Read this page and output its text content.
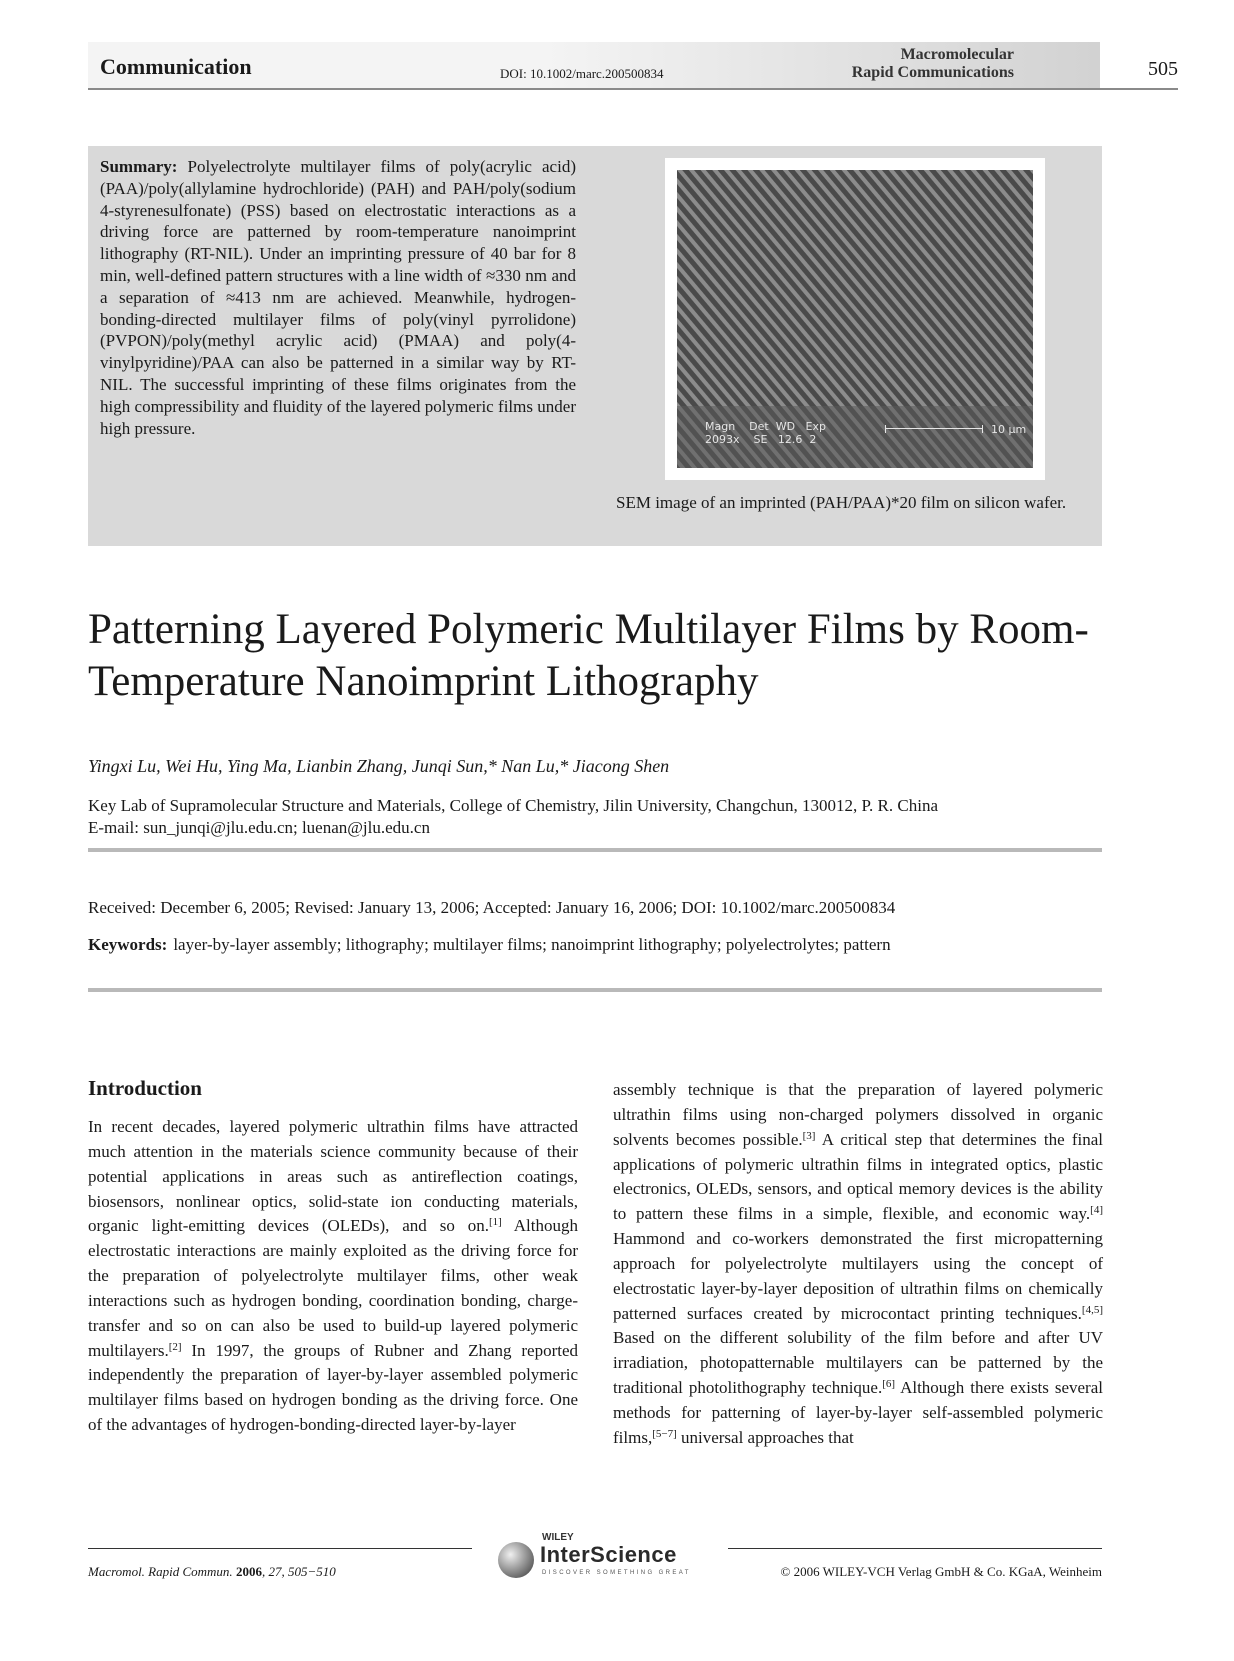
Communication	DOI: 10.1002/marc.200500834
Macromolecular
Rapid Communications	505

Summary: Polyelectrolyte multilayer films of poly(acrylic acid) (PAA)/poly(allylamine hydrochloride) (PAH) and PAH/poly(sodium 4-styrenesulfonate) (PSS) based on electrostatic interactions as a driving force are patterned by room-temperature nanoimprint lithography (RT-NIL). Under an imprinting pressure of 40 bar for 8 min, well-defined pattern structures with a line width of ≈330 nm and a separation of ≈413 nm are achieved. Meanwhile, hydrogen-bonding-directed multilayer films of poly(vinyl pyrrolidone) (PVPON)/poly(methyl acrylic acid) (PMAA) and poly(4-vinylpyridine)/PAA can also be patterned in a similar way by RT-NIL. The successful imprinting of these films originates from the high compressibility and fluidity of the layered polymeric films under high pressure.	Magn    Det  WD   Exp
2093x    SE   12.6  2
10 μm

SEM image of an imprinted (PAH/PAA)*20 film on silicon wafer.

Patterning Layered Polymeric Multilayer Films by Room-Temperature Nanoimprint Lithography

Yingxi Lu, Wei Hu, Ying Ma, Lianbin Zhang, Junqi Sun,* Nan Lu,* Jiacong Shen

Key Lab of Supramolecular Structure and Materials, College of Chemistry, Jilin University, Changchun, 130012, P. R. China
E-mail: sun_junqi@jlu.edu.cn; luenan@jlu.edu.cn

Received: December 6, 2005; Revised: January 13, 2006; Accepted: January 16, 2006; DOI: 10.1002/marc.200500834

Keywords: layer-by-layer assembly; lithography; multilayer films; nanoimprint lithography; polyelectrolytes; pattern

Introduction

In recent decades, layered polymeric ultrathin films have attracted much attention in the materials science community because of their potential applications in areas such as antireflection coatings, biosensors, nonlinear optics, solid-state ion conducting materials, organic light-emitting devices (OLEDs), and so on.[1] Although electrostatic interactions are mainly exploited as the driving force for the preparation of polyelectrolyte multilayer films, other weak interactions such as hydrogen bonding, coordination bonding, charge-transfer and so on can also be used to build-up layered polymeric multilayers.[2] In 1997, the groups of Rubner and Zhang reported independently the preparation of layer-by-layer assembled polymeric multilayer films based on hydrogen bonding as the driving force. One of the advantages of hydrogen-bonding-directed layer-by-layer

assembly technique is that the preparation of layered polymeric ultrathin films using non-charged polymers dissolved in organic solvents becomes possible.[3] A critical step that determines the final applications of polymeric ultrathin films in integrated optics, plastic electronics, OLEDs, sensors, and optical memory devices is the ability to pattern these films in a simple, flexible, and economic way.[4] Hammond and co-workers demonstrated the first micropatterning approach for polyelectrolyte multilayers using the concept of electrostatic layer-by-layer deposition of ultrathin films on chemically patterned surfaces created by microcontact printing techniques.[4,5] Based on the different solubility of the film before and after UV irradiation, photopatternable multilayers can be patterned by the traditional photolithography technique.[6] Although there exists several methods for patterning of layer-by-layer self-assembled polymeric films,[5−7] universal approaches that

Macromol. Rapid Commun. 2006, 27, 505−510

WILEY
InterScience
DISCOVER SOMETHING GREAT	© 2006 WILEY-VCH Verlag GmbH & Co. KGaA, Weinheim
